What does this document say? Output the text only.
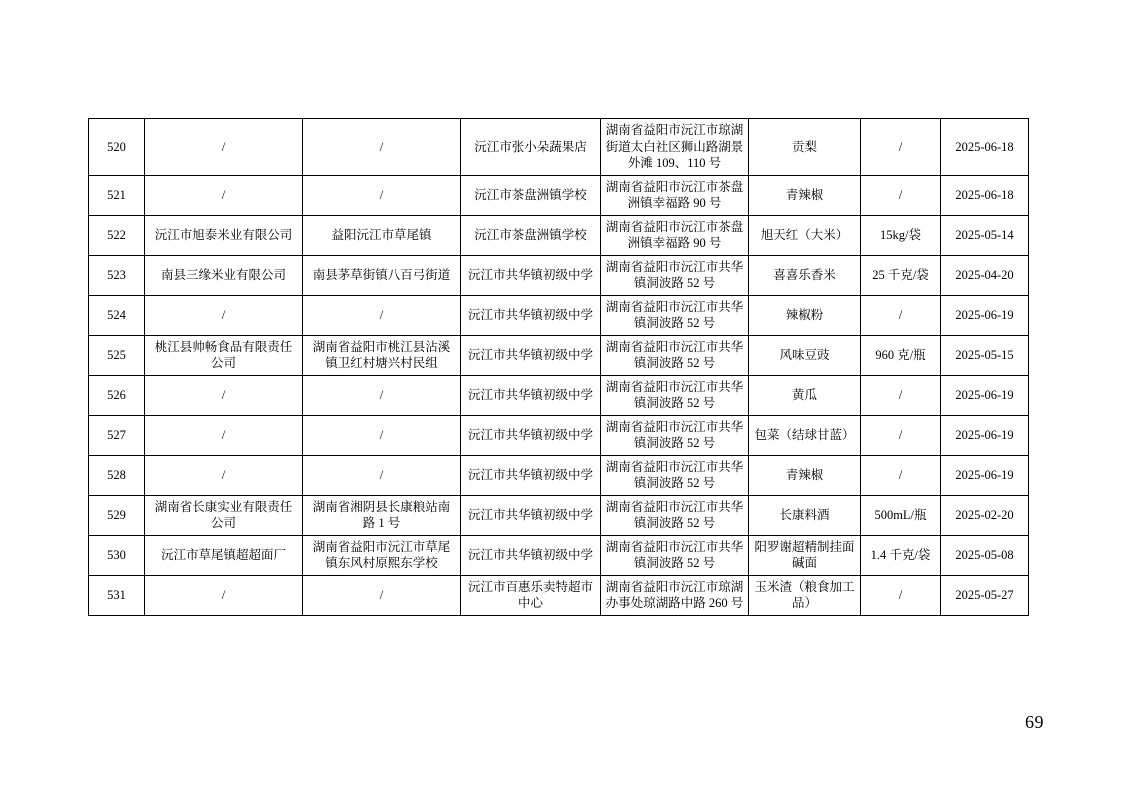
520	/	/	沅江市张小朵蔬果店	湖南省益阳市沅江市琼湖街道太白社区狮山路湖景外滩 109、110 号	贡梨	/	2025-06-18
521	/	/	沅江市茶盘洲镇学校	湖南省益阳市沅江市茶盘洲镇幸福路 90 号	青辣椒	/	2025-06-18
522	沅江市旭泰米业有限公司	益阳沅江市草尾镇	沅江市茶盘洲镇学校	湖南省益阳市沅江市茶盘洲镇幸福路 90 号	旭天红（大米）	15kg/袋	2025-05-14
523	南县三缘米业有限公司	南县茅草街镇八百弓街道	沅江市共华镇初级中学	湖南省益阳市沅江市共华镇洞波路 52 号	喜喜乐香米	25 千克/袋	2025-04-20
524	/	/	沅江市共华镇初级中学	湖南省益阳市沅江市共华镇洞波路 52 号	辣椒粉	/	2025-06-19
525	桃江县帅畅食品有限责任公司	湖南省益阳市桃江县沾溪镇卫红村塘兴村民组	沅江市共华镇初级中学	湖南省益阳市沅江市共华镇洞波路 52 号	风味豆豉	960 克/瓶	2025-05-15
526	/	/	沅江市共华镇初级中学	湖南省益阳市沅江市共华镇洞波路 52 号	黄瓜	/	2025-06-19
527	/	/	沅江市共华镇初级中学	湖南省益阳市沅江市共华镇洞波路 52 号	包菜（结球甘蓝）	/	2025-06-19
528	/	/	沅江市共华镇初级中学	湖南省益阳市沅江市共华镇洞波路 52 号	青辣椒	/	2025-06-19
529	湖南省长康实业有限责任公司	湖南省湘阴县长康粮站南路 1 号	沅江市共华镇初级中学	湖南省益阳市沅江市共华镇洞波路 52 号	长康料酒	500mL/瓶	2025-02-20
530	沅江市草尾镇超超面厂	湖南省益阳市沅江市草尾镇东风村原熙东学校	沅江市共华镇初级中学	湖南省益阳市沅江市共华镇洞波路 52 号	阳罗谢超精制挂面碱面	1.4 千克/袋	2025-05-08
531	/	/	沅江市百惠乐卖特超市中心	湖南省益阳市沅江市琼湖办事处琼湖路中路 260 号	玉米渣（粮食加工品）	/	2025-05-27
69
